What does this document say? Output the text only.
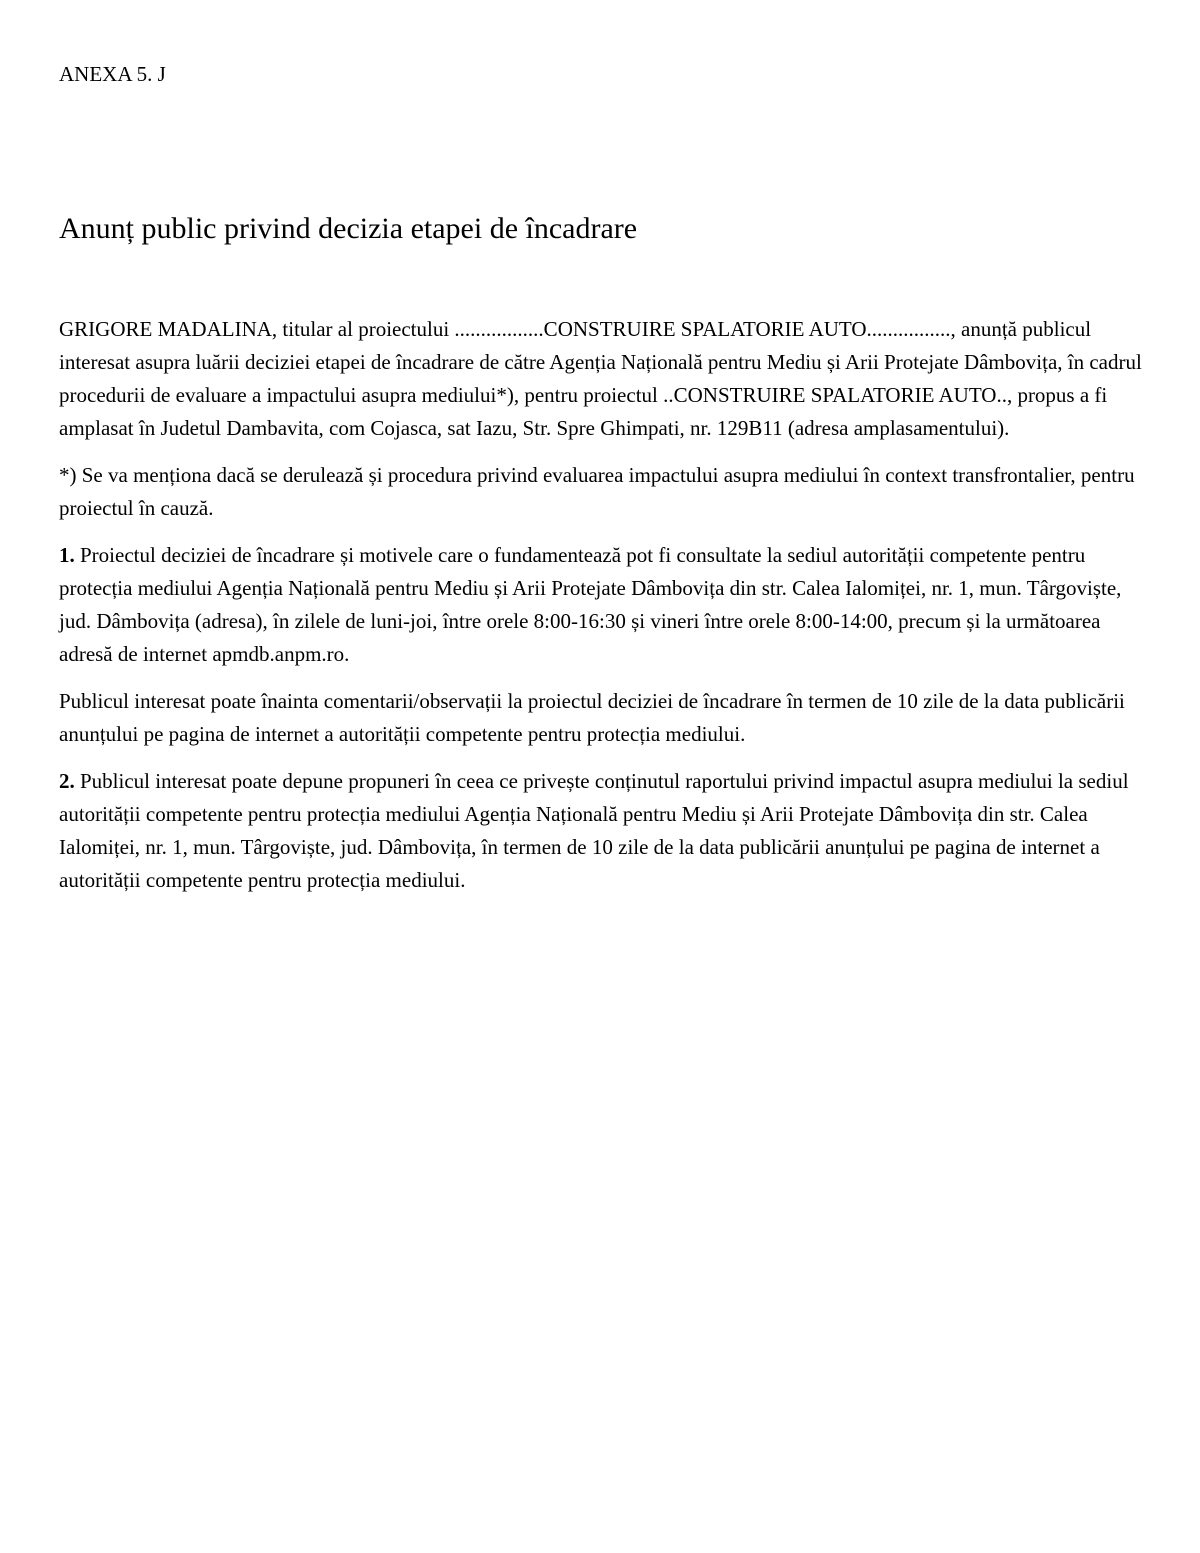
ANEXA 5. J

Anunț public privind decizia etapei de încadrare

GRIGORE MADALINA, titular al proiectului .................CONSTRUIRE SPALATORIE AUTO................, anunță publicul interesat asupra luării deciziei etapei de încadrare de către Agenția Națională pentru Mediu și Arii Protejate Dâmbovița, în cadrul procedurii de evaluare a impactului asupra mediului*), pentru proiectul ..CONSTRUIRE SPALATORIE AUTO.., propus a fi amplasat în Judetul Dambavita, com Cojasca, sat Iazu, Str. Spre Ghimpati, nr. 129B11 (adresa amplasamentului).

*) Se va menționa dacă se derulează și procedura privind evaluarea impactului asupra mediului în context transfrontalier, pentru proiectul în cauză.

1. Proiectul deciziei de încadrare și motivele care o fundamentează pot fi consultate la sediul autorității competente pentru protecția mediului Agenția Națională pentru Mediu și Arii Protejate Dâmbovița din str. Calea Ialomiței, nr. 1, mun. Târgoviște, jud. Dâmbovița (adresa), în zilele de luni-joi, între orele 8:00-16:30 și vineri între orele 8:00-14:00, precum și la următoarea adresă de internet apmdb.anpm.ro.

Publicul interesat poate înainta comentarii/observații la proiectul deciziei de încadrare în termen de 10 zile de la data publicării anunțului pe pagina de internet a autorității competente pentru protecția mediului.

2. Publicul interesat poate depune propuneri în ceea ce privește conținutul raportului privind impactul asupra mediului la sediul autorității competente pentru protecția mediului Agenția Națională pentru Mediu și Arii Protejate Dâmbovița din str. Calea Ialomiței, nr. 1, mun. Târgoviște, jud. Dâmbovița, în termen de 10 zile de la data publicării anunțului pe pagina de internet a autorității competente pentru protecția mediului.
